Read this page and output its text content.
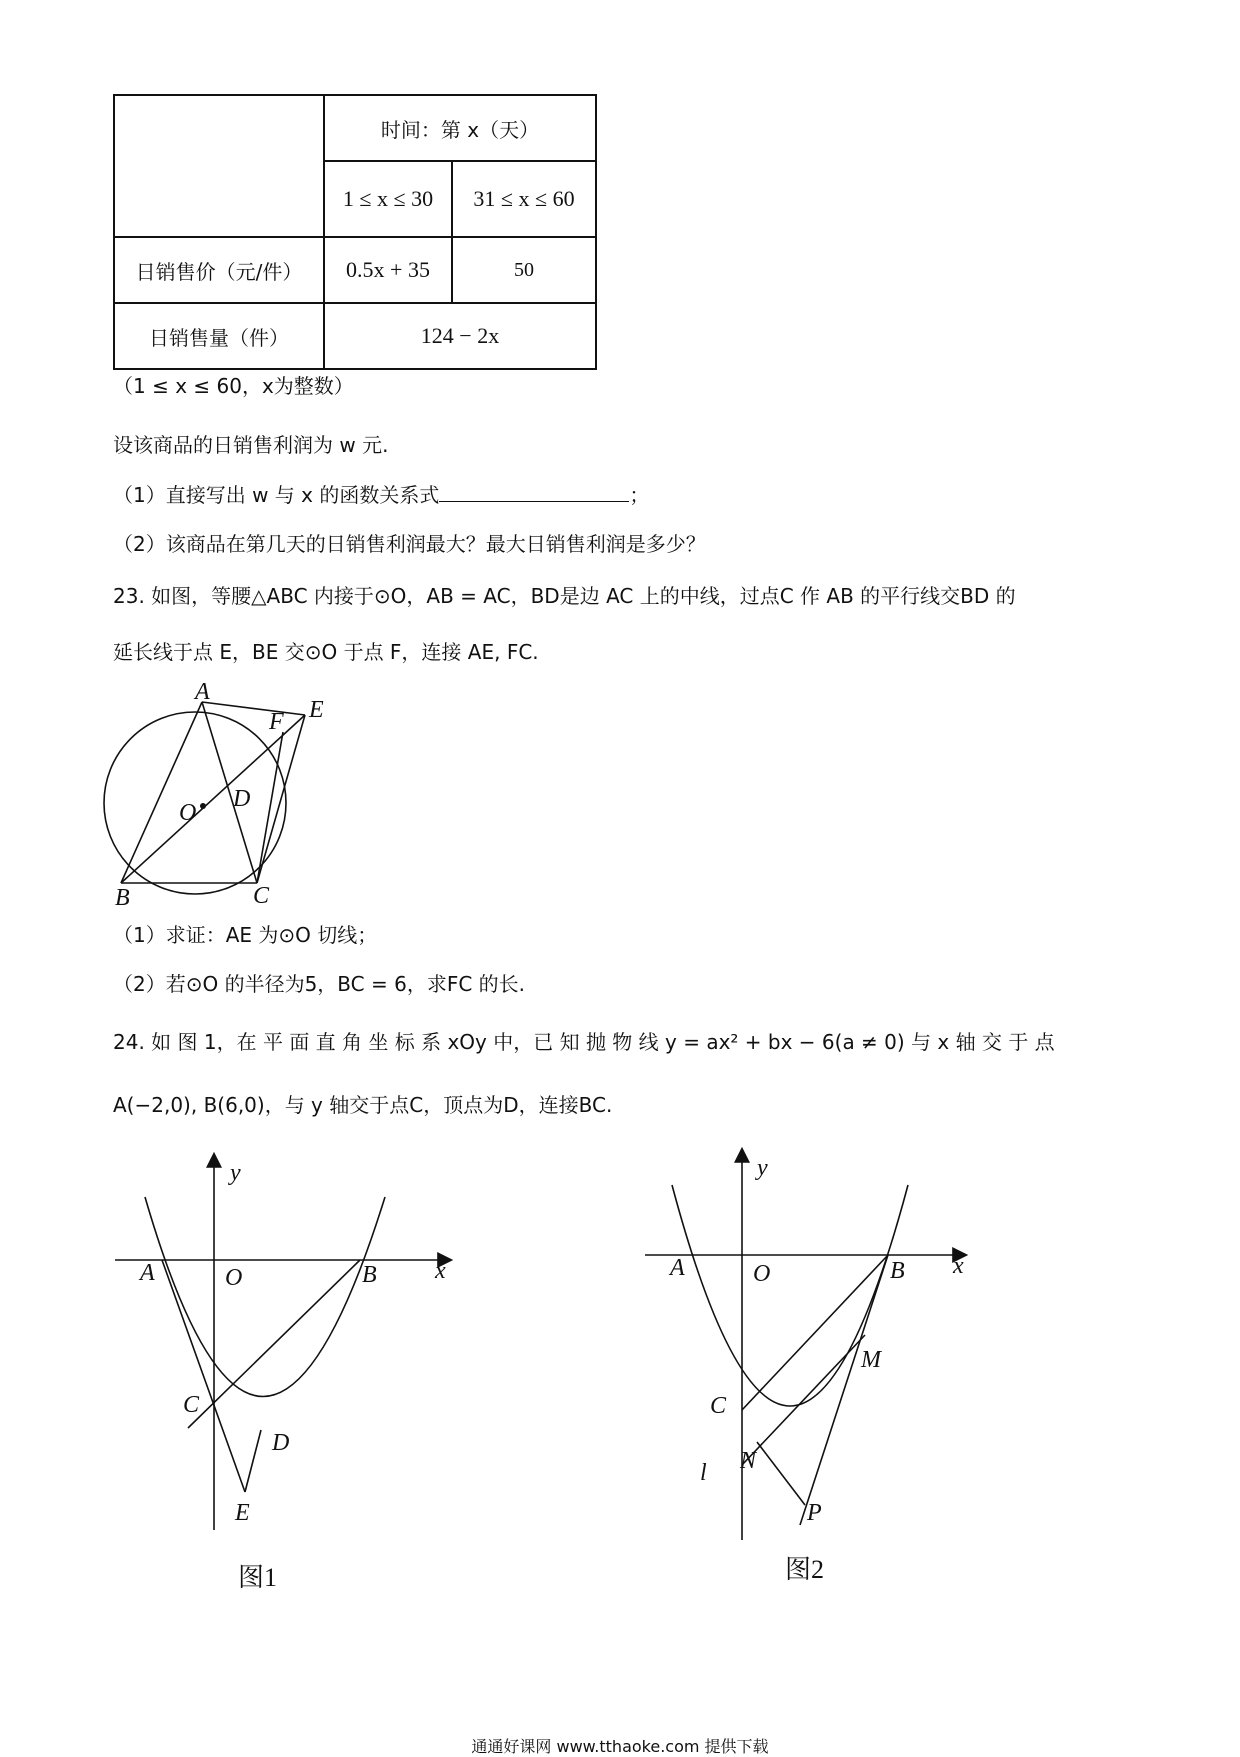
	时间：第 x（天）	
	1 ≤ x ≤ 30	31 ≤ x ≤ 60
日销售价（元/件）	0.5x + 35	50
日销售量（件）	124 − 2x	
（1 ≤ x ≤ 60，x为整数）
设该商品的日销售利润为 w 元.
（1）直接写出 w 与 x 的函数关系式	；
（2）该商品在第几天的日销售利润最大？最大日销售利润是多少？
23. 如图，等腰△ABC 内接于⊙O，AB = AC，BD是边 AC 上的中线，过点C 作 AB 的平行线交BD 的
延长线于点 E，BE 交⊙O 于点 F，连接 AE, FC.
A
E
F
O
D
B	C
（1）求证：AE 为⊙O 切线；
（2）若⊙O 的半径为5，BC = 6，求FC 的长.
24. 如 图 1，在 平 面 直 角 坐 标 系 xOy 中，已 知 抛 物 线 y = ax² + bx − 6(a ≠ 0) 与 x 轴 交 于 点
A(−2,0), B(6,0)，与 y 轴交于点C，顶点为D，连接BC.
y
x
A	O	B
C
D
E
图1
y
x
A	O	B
C
M
N
l
P
图2
通通好课网 www.tthaoke.com 提供下载
